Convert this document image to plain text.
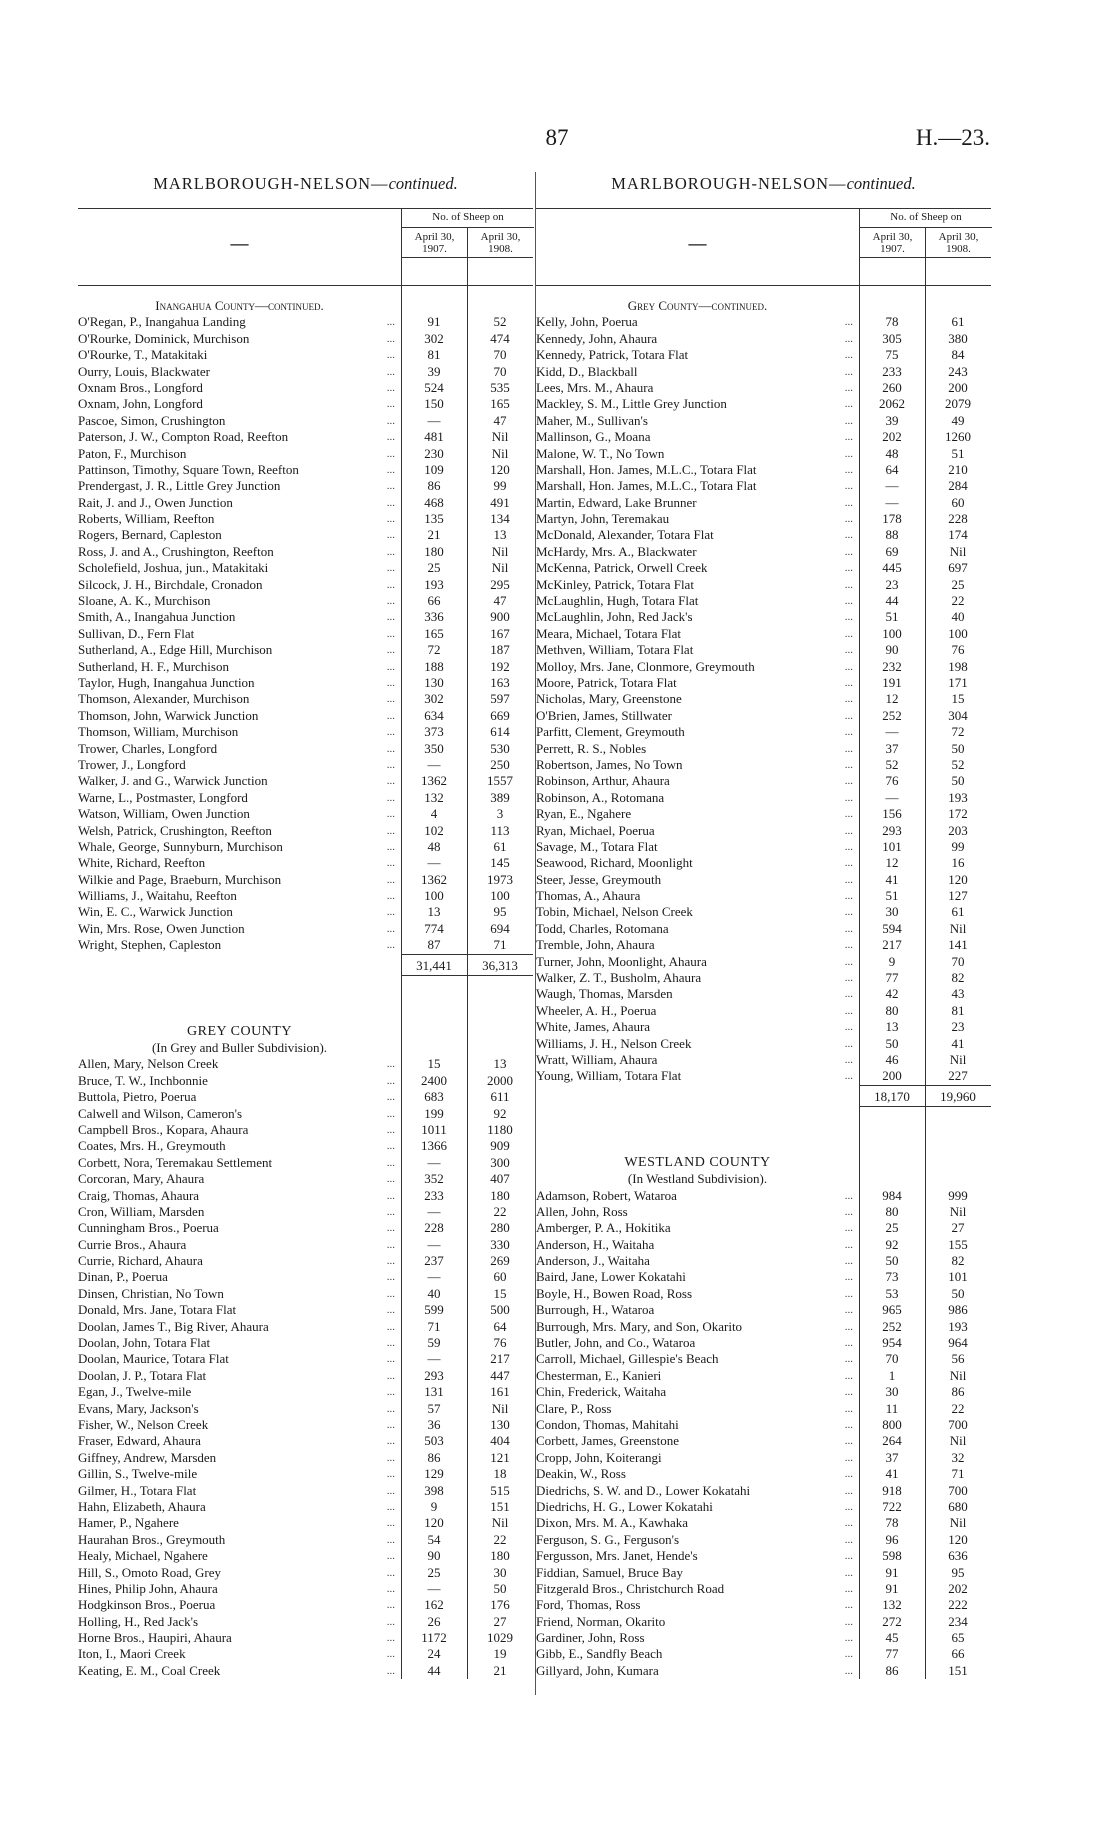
87	H.—23.
MARLBOROUGH-NELSON—continued.
—
No. of Sheep on
April 30, 1907.
April 30, 1908.
Inangahua County—continued.
O'Regan, P., Inangahua Landing ...	91	52
O'Rourke, Dominick, Murchison ...	302	474
O'Rourke, T., Matakitaki ...	81	70
Ourry, Louis, Blackwater ...	39	70
Oxnam Bros., Longford ...	524	535
Oxnam, John, Longford ...	150	165
Pascoe, Simon, Crushington ...	—	47
Paterson, J. W., Compton Road, Reefton ...	481	Nil
Paton, F., Murchison ...	230	Nil
Pattinson, Timothy, Square Town, Reefton ...	109	120
Prendergast, J. R., Little Grey Junction ...	86	99
Rait, J. and J., Owen Junction ...	468	491
Roberts, William, Reefton ...	135	134
Rogers, Bernard, Capleston ...	21	13
Ross, J. and A., Crushington, Reefton ...	180	Nil
Scholefield, Joshua, jun., Matakitaki ...	25	Nil
Silcock, J. H., Birchdale, Cronadon ...	193	295
Sloane, A. K., Murchison ...	66	47
Smith, A., Inangahua Junction ...	336	900
Sullivan, D., Fern Flat ...	165	167
Sutherland, A., Edge Hill, Murchison ...	72	187
Sutherland, H. F., Murchison ...	188	192
Taylor, Hugh, Inangahua Junction ...	130	163
Thomson, Alexander, Murchison ...	302	597
Thomson, John, Warwick Junction ...	634	669
Thomson, William, Murchison ...	373	614
Trower, Charles, Longford ...	350	530
Trower, J., Longford ...	—	250
Walker, J. and G., Warwick Junction ...	1362	1557
Warne, L., Postmaster, Longford ...	132	389
Watson, William, Owen Junction ...	4	3
Welsh, Patrick, Crushington, Reefton ...	102	113
Whale, George, Sunnyburn, Murchison ...	48	61
White, Richard, Reefton ...	—	145
Wilkie and Page, Braeburn, Murchison ...	1362	1973
Williams, J., Waitahu, Reefton ...	100	100
Win, E. C., Warwick Junction ...	13	95
Win, Mrs. Rose, Owen Junction ...	774	694
Wright, Stephen, Capleston ...	87	71
31,441	36,313
GREY COUNTY
(In Grey and Buller Subdivision).
Allen, Mary, Nelson Creek ...	15	13
Bruce, T. W., Inchbonnie ...	2400	2000
Buttola, Pietro, Poerua ...	683	611
Calwell and Wilson, Cameron's ...	199	92
Campbell Bros., Kopara, Ahaura ...	1011	1180
Coates, Mrs. H., Greymouth ...	1366	909
Corbett, Nora, Teremakau Settlement ...	—	300
Corcoran, Mary, Ahaura ...	352	407
Craig, Thomas, Ahaura ...	233	180
Cron, William, Marsden ...	—	22
Cunningham Bros., Poerua ...	228	280
Currie Bros., Ahaura ...	—	330
Currie, Richard, Ahaura ...	237	269
Dinan, P., Poerua ...	—	60
Dinsen, Christian, No Town ...	40	15
Donald, Mrs. Jane, Totara Flat ...	599	500
Doolan, James T., Big River, Ahaura ...	71	64
Doolan, John, Totara Flat ...	59	76
Doolan, Maurice, Totara Flat ...	—	217
Doolan, J. P., Totara Flat ...	293	447
Egan, J., Twelve-mile ...	131	161
Evans, Mary, Jackson's ...	57	Nil
Fisher, W., Nelson Creek ...	36	130
Fraser, Edward, Ahaura ...	503	404
Giffney, Andrew, Marsden ...	86	121
Gillin, S., Twelve-mile ...	129	18
Gilmer, H., Totara Flat ...	398	515
Hahn, Elizabeth, Ahaura ...	9	151
Hamer, P., Ngahere ...	120	Nil
Haurahan Bros., Greymouth ...	54	22
Healy, Michael, Ngahere ...	90	180
Hill, S., Omoto Road, Grey ...	25	30
Hines, Philip John, Ahaura ...	—	50
Hodgkinson Bros., Poerua ...	162	176
Holling, H., Red Jack's ...	26	27
Horne Bros., Haupiri, Ahaura ...	1172	1029
Iton, I., Maori Creek ...	24	19
Keating, E. M., Coal Creek ...	44	21
MARLBOROUGH-NELSON—continued.
—
No. of Sheep on
April 30, 1907.
April 30, 1908.
Grey County—continued.
Kelly, John, Poerua ...	78	61
Kennedy, John, Ahaura ...	305	380
Kennedy, Patrick, Totara Flat ...	75	84
Kidd, D., Blackball ...	233	243
Lees, Mrs. M., Ahaura ...	260	200
Mackley, S. M., Little Grey Junction ...	2062	2079
Maher, M., Sullivan's ...	39	49
Mallinson, G., Moana ...	202	1260
Malone, W. T., No Town ...	48	51
Marshall, Hon. James, M.L.C., Totara Flat ...	64	210
Marshall, Hon. James, M.L.C., Totara Flat ...	—	284
Martin, Edward, Lake Brunner ...	—	60
Martyn, John, Teremakau ...	178	228
McDonald, Alexander, Totara Flat ...	88	174
McHardy, Mrs. A., Blackwater ...	69	Nil
McKenna, Patrick, Orwell Creek ...	445	697
McKinley, Patrick, Totara Flat ...	23	25
McLaughlin, Hugh, Totara Flat ...	44	22
McLaughlin, John, Red Jack's ...	51	40
Meara, Michael, Totara Flat ...	100	100
Methven, William, Totara Flat ...	90	76
Molloy, Mrs. Jane, Clonmore, Greymouth ...	232	198
Moore, Patrick, Totara Flat ...	191	171
Nicholas, Mary, Greenstone ...	12	15
O'Brien, James, Stillwater ...	252	304
Parfitt, Clement, Greymouth ...	—	72
Perrett, R. S., Nobles ...	37	50
Robertson, James, No Town ...	52	52
Robinson, Arthur, Ahaura ...	76	50
Robinson, A., Rotomana ...	—	193
Ryan, E., Ngahere ...	156	172
Ryan, Michael, Poerua ...	293	203
Savage, M., Totara Flat ...	101	99
Seawood, Richard, Moonlight ...	12	16
Steer, Jesse, Greymouth ...	41	120
Thomas, A., Ahaura ...	51	127
Tobin, Michael, Nelson Creek ...	30	61
Todd, Charles, Rotomana ...	594	Nil
Tremble, John, Ahaura ...	217	141
Turner, John, Moonlight, Ahaura ...	9	70
Walker, Z. T., Busholm, Ahaura ...	77	82
Waugh, Thomas, Marsden ...	42	43
Wheeler, A. H., Poerua ...	80	81
White, James, Ahaura ...	13	23
Williams, J. H., Nelson Creek ...	50	41
Wratt, William, Ahaura ...	46	Nil
Young, William, Totara Flat ...	200	227
18,170	19,960
WESTLAND COUNTY
(In Westland Subdivision).
Adamson, Robert, Wataroa ...	984	999
Allen, John, Ross ...	80	Nil
Amberger, P. A., Hokitika ...	25	27
Anderson, H., Waitaha ...	92	155
Anderson, J., Waitaha ...	50	82
Baird, Jane, Lower Kokatahi ...	73	101
Boyle, H., Bowen Road, Ross ...	53	50
Burrough, H., Wataroa ...	965	986
Burrough, Mrs. Mary, and Son, Okarito ...	252	193
Butler, John, and Co., Wataroa ...	954	964
Carroll, Michael, Gillespie's Beach ...	70	56
Chesterman, E., Kanieri ...	1	Nil
Chin, Frederick, Waitaha ...	30	86
Clare, P., Ross ...	11	22
Condon, Thomas, Mahitahi ...	800	700
Corbett, James, Greenstone ...	264	Nil
Cropp, John, Koiterangi ...	37	32
Deakin, W., Ross ...	41	71
Diedrichs, S. W. and D., Lower Kokatahi ...	918	700
Diedrichs, H. G., Lower Kokatahi ...	722	680
Dixon, Mrs. M. A., Kawhaka ...	78	Nil
Ferguson, S. G., Ferguson's ...	96	120
Fergusson, Mrs. Janet, Hende's ...	598	636
Fiddian, Samuel, Bruce Bay ...	91	95
Fitzgerald Bros., Christchurch Road ...	91	202
Ford, Thomas, Ross ...	132	222
Friend, Norman, Okarito ...	272	234
Gardiner, John, Ross ...	45	65
Gibb, E., Sandfly Beach ...	77	66
Gillyard, John, Kumara ...	86	151
